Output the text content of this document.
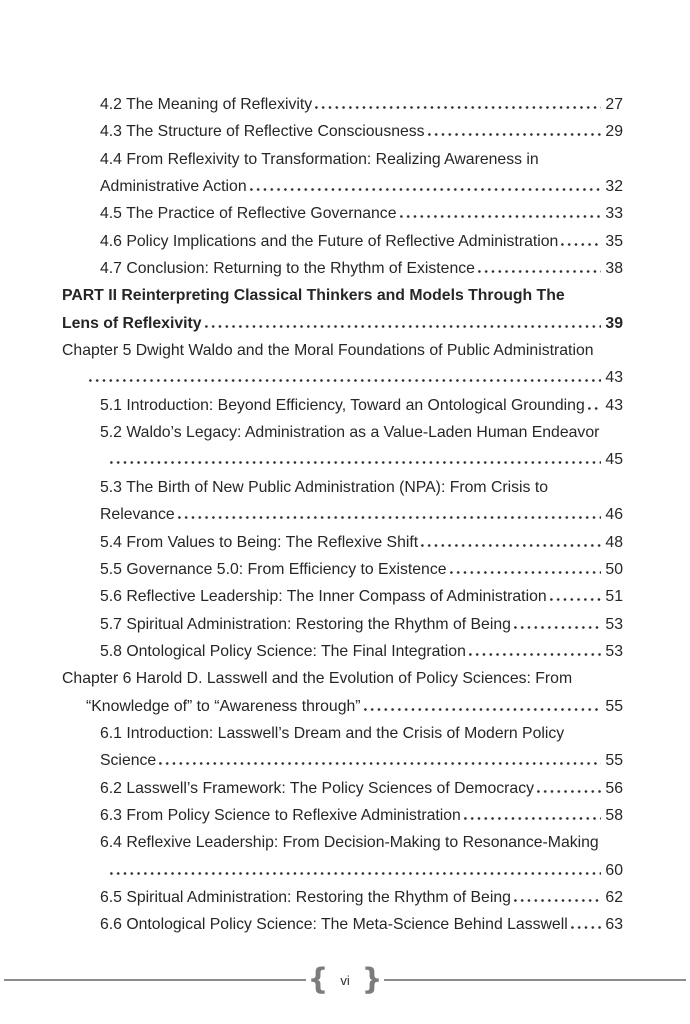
4.2 The Meaning of Reflexivity	27
4.3 The Structure of Reflective Consciousness	29
4.4 From Reflexivity to Transformation: Realizing Awareness in
Administrative Action	32
4.5 The Practice of Reflective Governance	33
4.6 Policy Implications and the Future of Reflective Administration	35
4.7 Conclusion: Returning to the Rhythm of Existence	38
PART II Reinterpreting Classical Thinkers and Models Through The
Lens of Reflexivity	39
Chapter 5 Dwight Waldo and the Moral Foundations of Public Administration
43
5.1 Introduction: Beyond Efficiency, Toward an Ontological Grounding 43
5.2 Waldo’s Legacy: Administration as a Value-Laden Human Endeavor
45
5.3 The Birth of New Public Administration (NPA): From Crisis to
Relevance	46
5.4 From Values to Being: The Reflexive Shift	48
5.5 Governance 5.0: From Efficiency to Existence	50
5.6 Reflective Leadership: The Inner Compass of Administration	51
5.7 Spiritual Administration: Restoring the Rhythm of Being	53
5.8 Ontological Policy Science: The Final Integration	53
Chapter 6 Harold D. Lasswell and the Evolution of Policy Sciences: From
“Knowledge of” to “Awareness through”	55
6.1 Introduction: Lasswell’s Dream and the Crisis of Modern Policy
Science	55
6.2 Lasswell’s Framework: The Policy Sciences of Democracy	56
6.3 From Policy Science to Reflexive Administration	58
6.4 Reflexive Leadership: From Decision-Making to Resonance-Making
60
6.5 Spiritual Administration: Restoring the Rhythm of Being	62
6.6 Ontological Policy Science: The Meta-Science Behind Lasswell 63
{ vi }
